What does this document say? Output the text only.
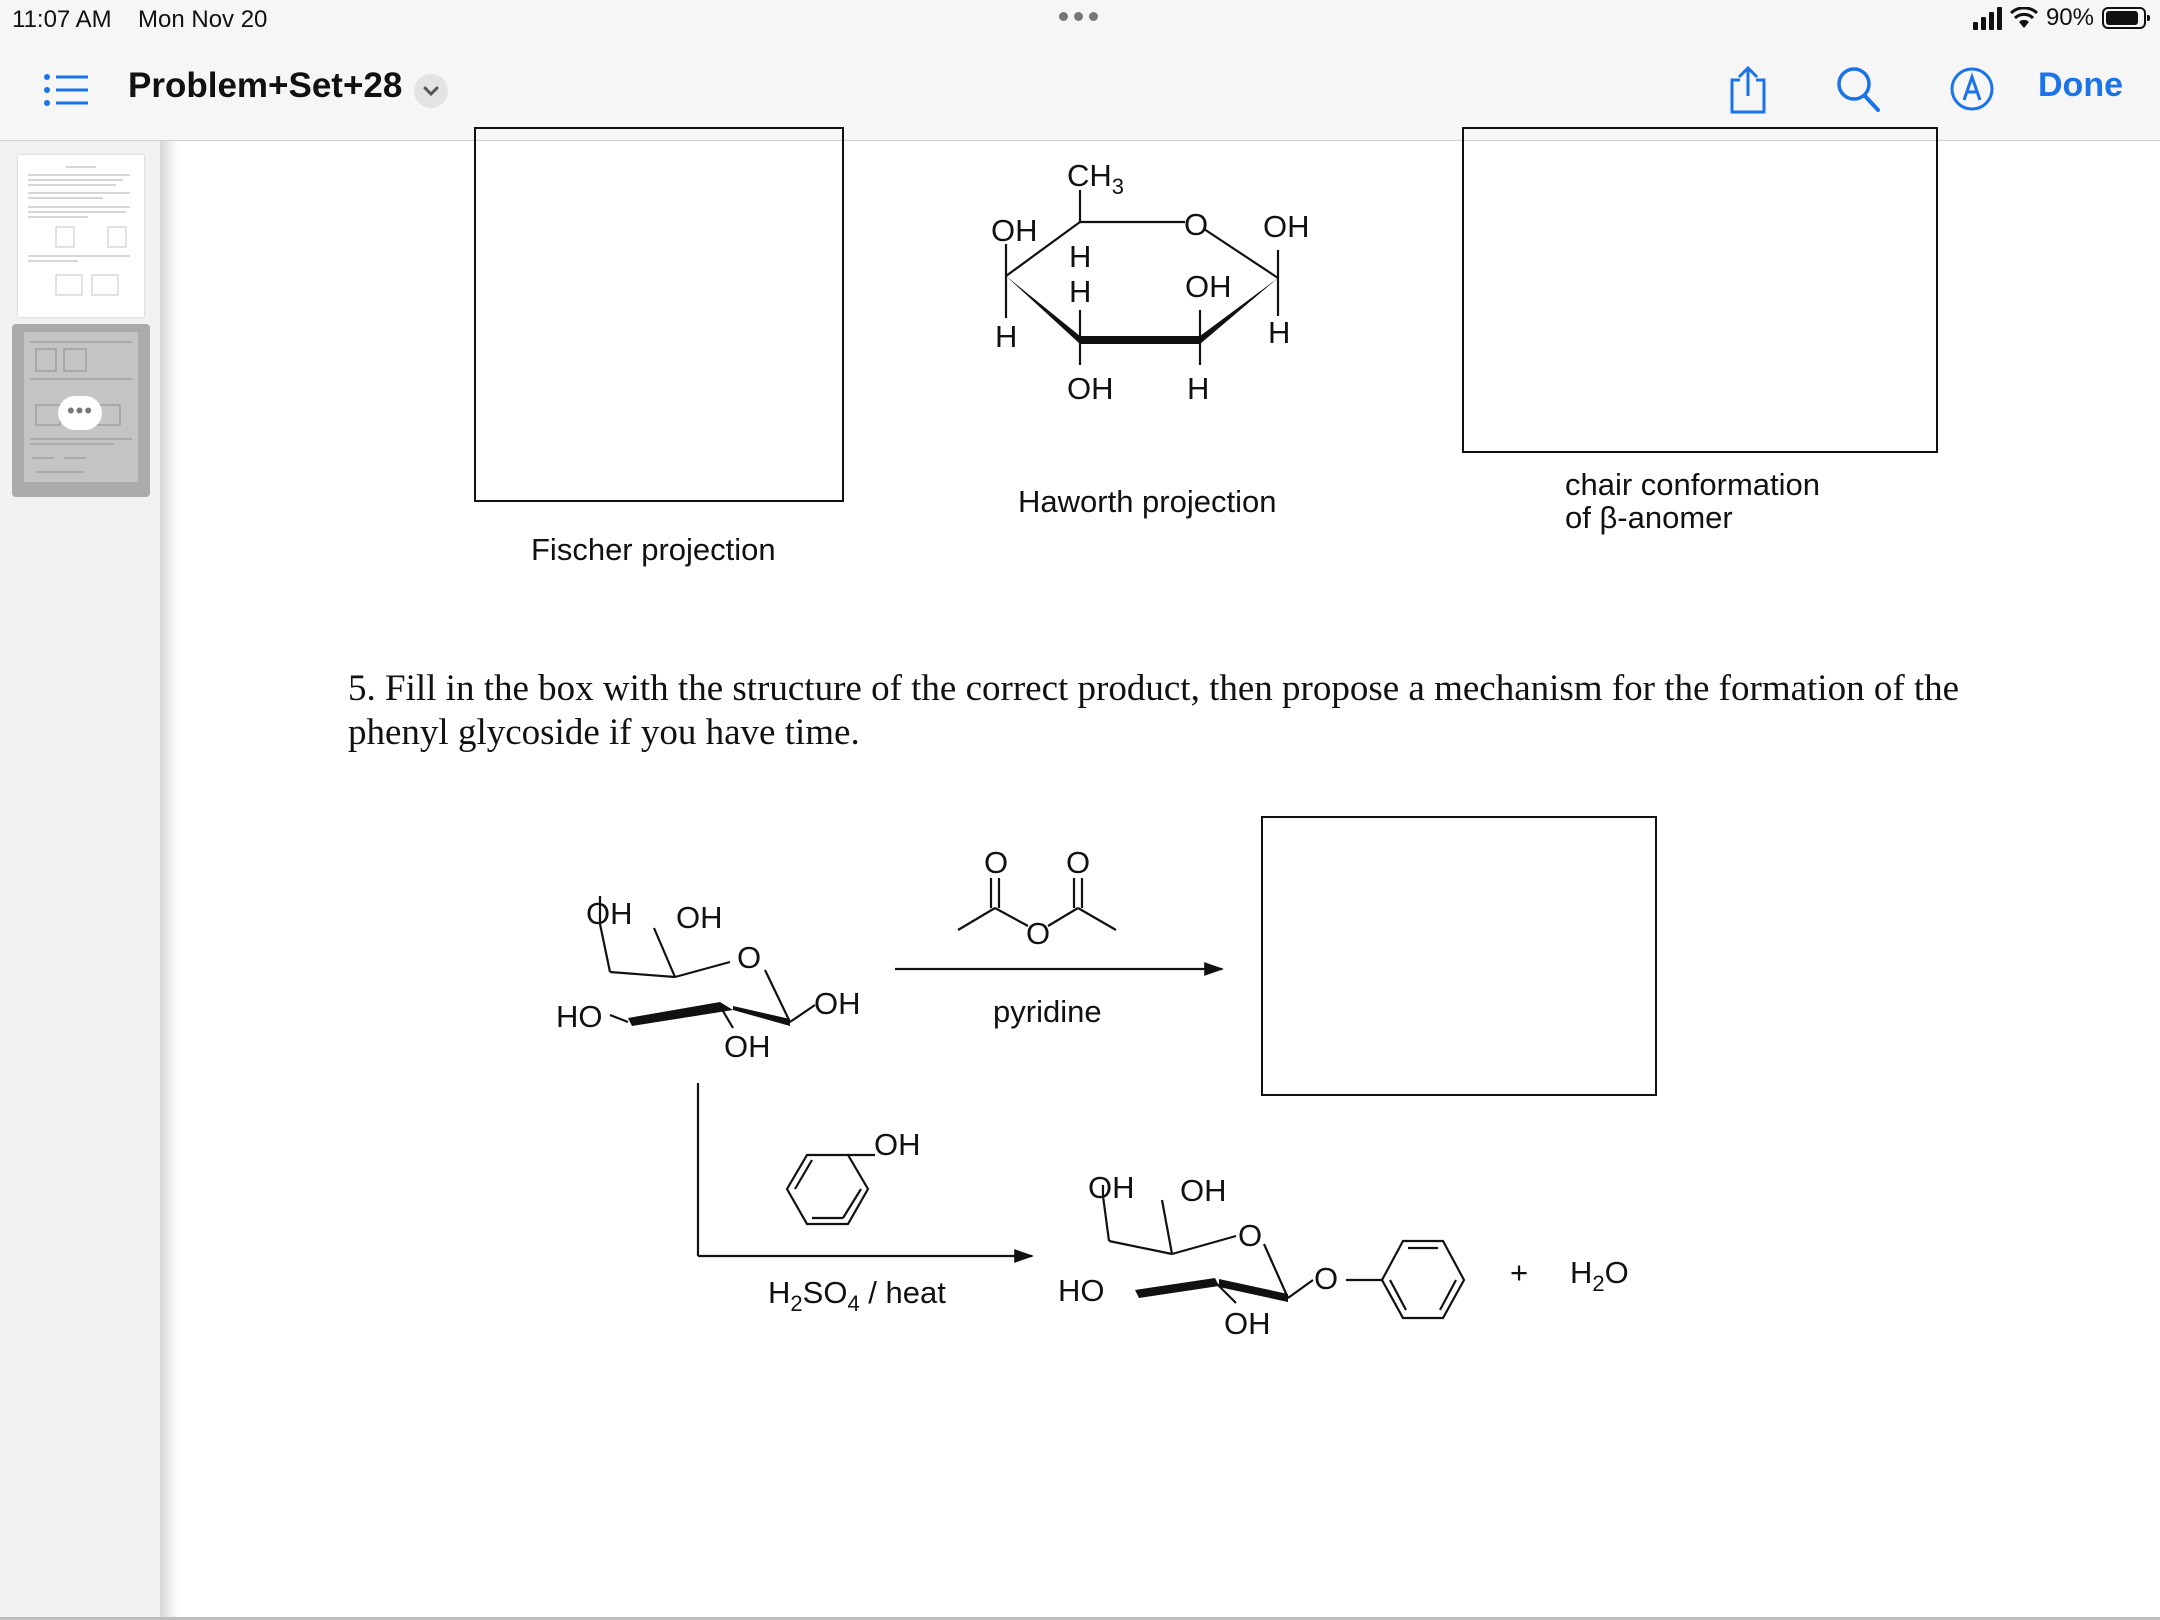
11:07 AM Mon Nov 20	90%
Problem+Set+28	Done
•••
Fischer projection
Haworth projection	chair conformation
of β-anomer
5. Fill in the box with the structure of the correct product, then propose a mechanism for the formation of the phenyl glycoside if you have time.
$CH_3$
OH	O OH
H
H	OH
H	H
OH H
OH OH
O
HO	OH
OH
O O
O
pyridine
OH
$H_2SO_4$ / heat
OH OH
O
HO	O
OH
+ $H_2O$
